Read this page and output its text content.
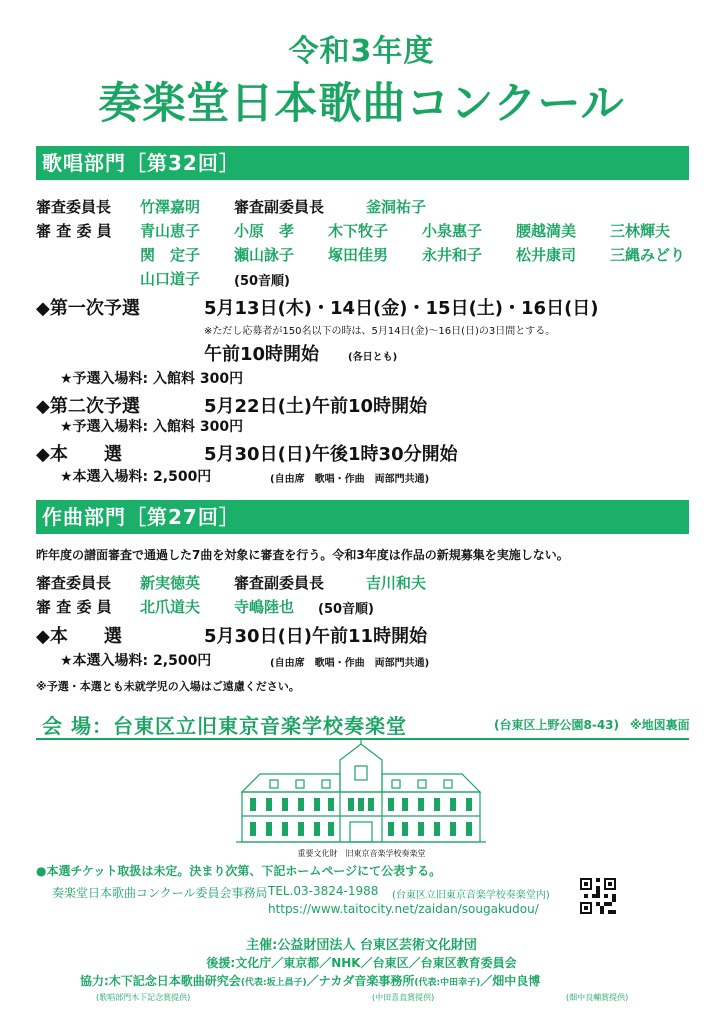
令和3年度
奏楽堂日本歌曲コンクール
歌唱部門［第32回］
審査委員長 竹澤嘉明 審査副委員長	釜洞祐子
審 査 委 員 青山恵子 小原　孝 木下牧子 小泉惠子 腰越満美 三林輝夫
関　定子 瀬山詠子 塚田佳男 永井和子 松井康司 三縄みどり
山口道子	(50音順)
◆第一次予選	5月13日(木)・14日(金)・15日(土)・16日(日)
※ただし応募者が150名以下の時は、5月14日(金)～16日(日)の3日間とする。
午前10時開始	(各日とも)
★予選入場料: 入館料 300円
◆第二次予選	5月22日(土)午前10時開始
★予選入場料: 入館料 300円
◆本　　選	5月30日(日)午後1時30分開始
★本選入場料: 2,500円	(自由席　歌唱・作曲　両部門共通)
作曲部門［第27回］
昨年度の譜面審査で通過した7曲を対象に審査を行う。令和3年度は作品の新規募集を実施しない。
審査委員長 新実徳英 審査副委員長	吉川和夫
審 査 委 員 北爪道夫 寺嶋陸也 (50音順)
◆本　　選	5月30日(日)午前11時開始
★本選入場料: 2,500円	(自由席　歌唱・作曲　両部門共通)
※予選・本選とも未就学児の入場はご遠慮ください。
会 場：台東区立旧東京音楽学校奏楽堂	(台東区上野公園8-43) ※地図裏面
重要文化財　旧東京音楽学校奏楽堂
●本選チケット取扱は未定。決まり次第、下記ホームページにて公表する。
奏楽堂日本歌曲コンクール委員会事務局 TEL.03-3824-1988 (台東区立旧東京音楽学校奏楽堂内)
https://www.taitocity.net/zaidan/sougakudou/
主催:公益財団法人 台東区芸術文化財団
後援:文化庁／東京都／NHK／台東区／台東区教育委員会
協力:木下記念日本歌曲研究会(代表:坂上昌子)／ナカダ音楽事務所(代表:中田幸子)／畑中良博
(歌唱部門木下記念賞提供)	(中田喜直賞提供)	(畑中良輔賞提供)
